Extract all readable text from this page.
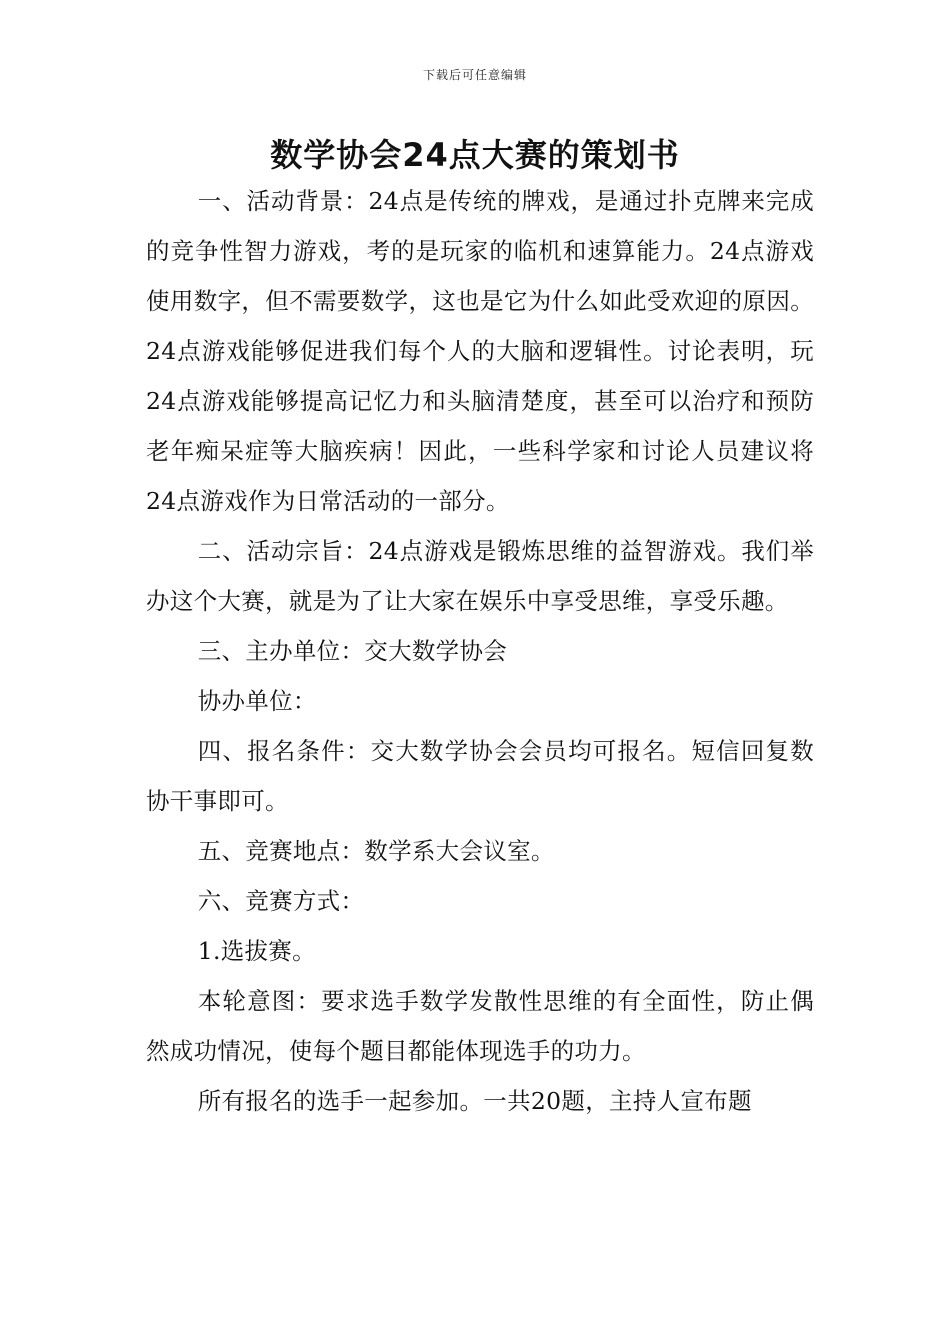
下载后可任意编辑
数学协会24点大赛的策划书

一、活动背景：24点是传统的牌戏，是通过扑克牌来完成的竞争性智力游戏，考的是玩家的临机和速算能力。24点游戏使用数字，但不需要数学，这也是它为什么如此受欢迎的原因。24点游戏能够促进我们每个人的大脑和逻辑性。讨论表明，玩24点游戏能够提高记忆力和头脑清楚度，甚至可以治疗和预防老年痴呆症等大脑疾病！因此，一些科学家和讨论人员建议将24点游戏作为日常活动的一部分。

二、活动宗旨：24点游戏是锻炼思维的益智游戏。我们举办这个大赛，就是为了让大家在娱乐中享受思维，享受乐趣。

三、主办单位：交大数学协会

协办单位：

四、报名条件：交大数学协会会员均可报名。短信回复数协干事即可。

五、竞赛地点：数学系大会议室。

六、竞赛方式：

1.选拔赛。

本轮意图：要求选手数学发散性思维的有全面性，防止偶然成功情况，使每个题目都能体现选手的功力。

所有报名的选手一起参加。一共20题，主持人宣布题
